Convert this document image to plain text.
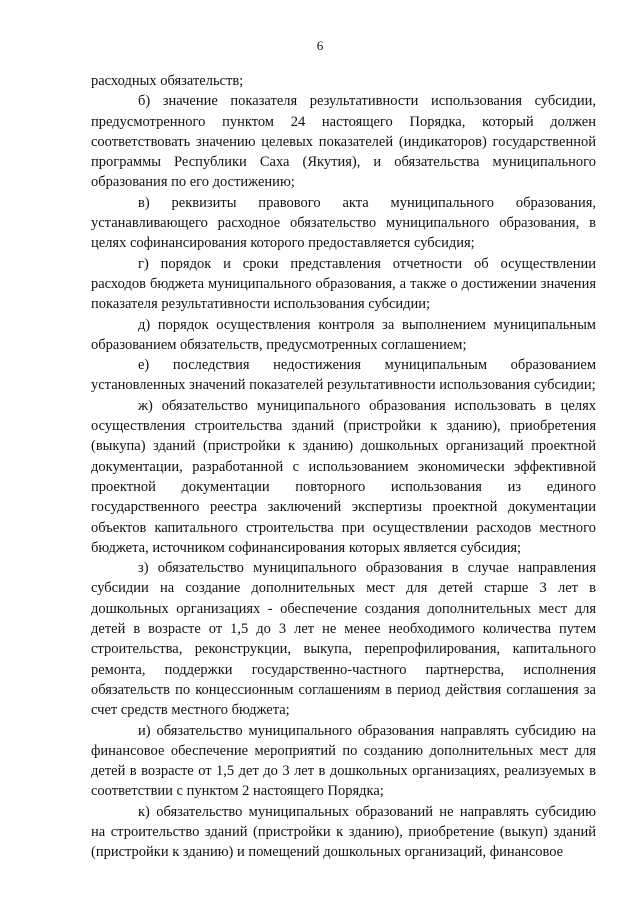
6

расходных обязательств;

б) значение показателя результативности использования субсидии, предусмотренного пунктом 24 настоящего Порядка, который должен соответствовать значению целевых показателей (индикаторов) государственной программы Республики Саха (Якутия), и обязательства муниципального образования по его достижению;

в) реквизиты правового акта муниципального образования, устанавливающего расходное обязательство муниципального образования, в целях софинансирования которого предоставляется субсидия;

г) порядок и сроки представления отчетности об осуществлении расходов бюджета муниципального образования, а также о достижении значения показателя результативности использования субсидии;

д) порядок осуществления контроля за выполнением муниципальным образованием обязательств, предусмотренных соглашением;

е) последствия недостижения муниципальным образованием установленных значений показателей результативности использования субсидии;

ж) обязательство муниципального образования использовать в целях осуществления строительства зданий (пристройки к зданию), приобретения (выкупа) зданий (пристройки к зданию) дошкольных организаций проектной документации, разработанной с использованием экономически эффективной проектной документации повторного использования из единого государственного реестра заключений экспертизы проектной документации объектов капитального строительства при осуществлении расходов местного бюджета, источником софинансирования которых является субсидия;

з) обязательство муниципального образования в случае направления субсидии на создание дополнительных мест для детей старше 3 лет в дошкольных организациях - обеспечение создания дополнительных мест для детей в возрасте от 1,5 до 3 лет не менее необходимого количества путем строительства, реконструкции, выкупа, перепрофилирования, капитального ремонта, поддержки государственно-частного партнерства, исполнения обязательств по концессионным соглашениям в период действия соглашения за счет средств местного бюджета;

и) обязательство муниципального образования направлять субсидию на финансовое обеспечение мероприятий по созданию дополнительных мест для детей в возрасте от 1,5 дет до 3 лет в дошкольных организациях, реализуемых в соответствии с пунктом 2 настоящего Порядка;

к) обязательство муниципальных образований не направлять субсидию на строительство зданий (пристройки к зданию), приобретение (выкуп) зданий (пристройки к зданию) и помещений дошкольных организаций, финансовое
